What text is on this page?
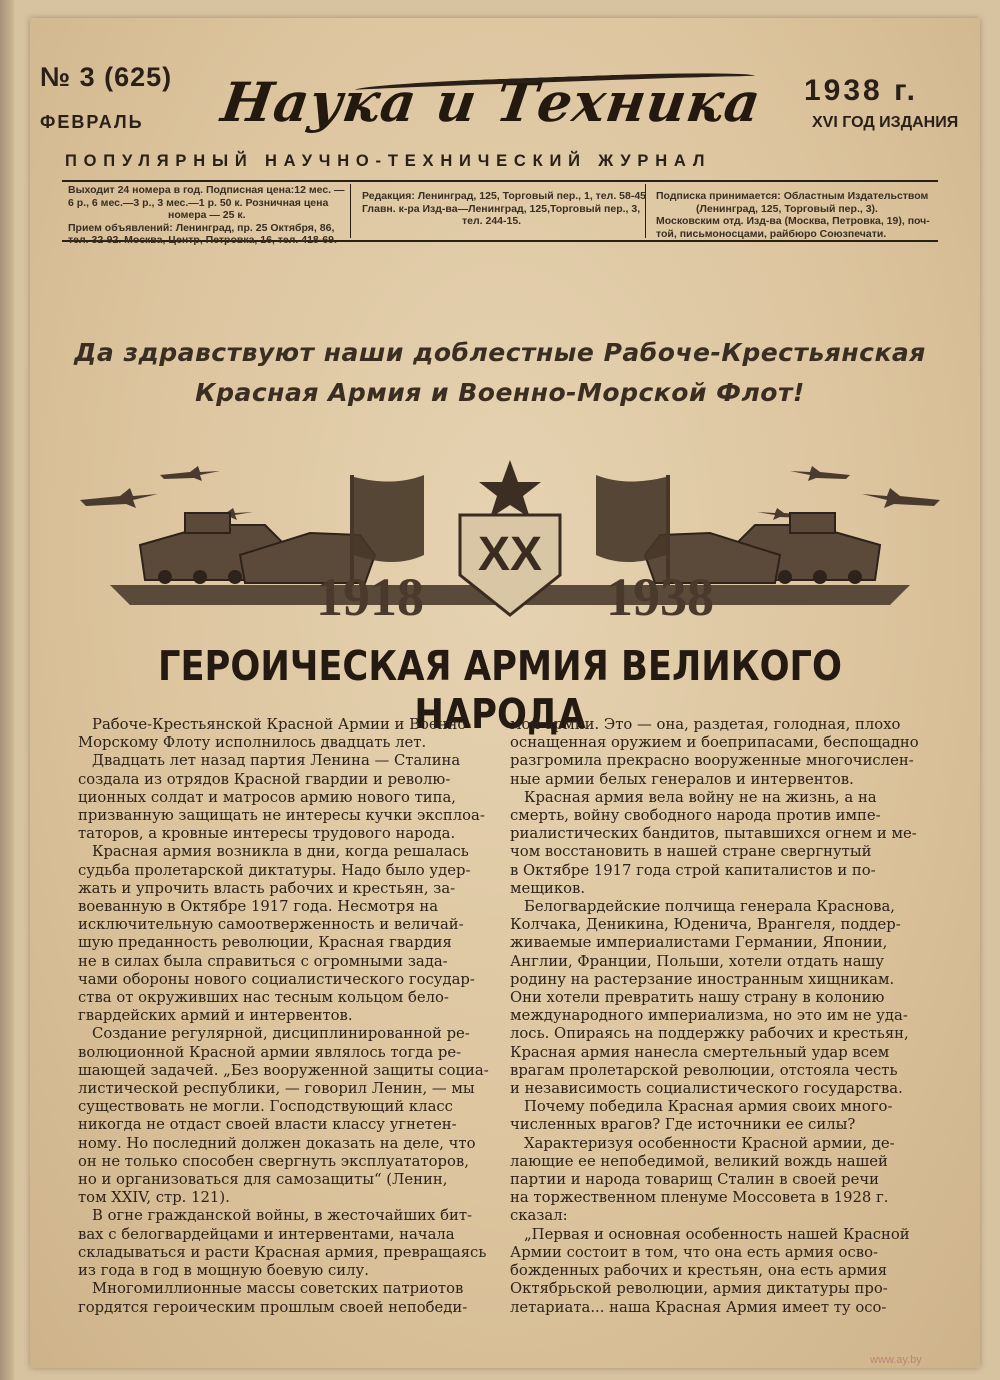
№ 3 (625)
ФЕВРАЛЬ Наука и Техника 1938 г.
XVI ГОД ИЗДАНИЯ
ПОПУЛЯРНЫЙ НАУЧНО-ТЕХНИЧЕСКИЙ ЖУРНАЛ
Выходит 24 номера в год. Подписная цена:12 мес. —
6 р., 6 мес.—3 р., 3 мес.—1 р. 50 к. Розничная цена
номера — 25 к.
Прием объявлений: Ленинград, пр. 25 Октября, 86,
тел. 32-92. Москва, Центр, Петровка, 16, тел. 418-69.
Редакция: Ленинград, 125, Торговый пер., 1, тел. 58-45
Главн. к-ра Изд-ва—Ленинград, 125,Торговый пер., 3,
тел. 244-15.
Подписка принимается: Областным Издательством
(Ленинград, 125, Торговый пер., 3).
Московским отд. Изд-ва (Москва, Петровка, 19), поч-
той, письмоносцами, райбюро Союзпечати.
Да здравствуют наши доблестные Рабоче-Крестьянская
Красная Армия и Военно-Морской Флот!
XX
1918	1938
ГЕРОИЧЕСКАЯ АРМИЯ ВЕЛИКОГО НАРОДА
Рабоче-Крестьянской Красной Армии и Военно-
Морскому Флоту исполнилось двадцать лет.
Двадцать лет назад партия Ленина — Сталина
создала из отрядов Красной гвардии и револю-
ционных солдат и матросов армию нового типа,
призванную защищать не интересы кучки эксплоа-
таторов, а кровные интересы трудового народа.
Красная армия возникла в дни, когда решалась
судьба пролетарской диктатуры. Надо было удер-
жать и упрочить власть рабочих и крестьян, за-
воеванную в Октябре 1917 года. Несмотря на
исключительную самоотверженность и величай-
шую преданность революции, Красная гвардия
не в силах была справиться с огромными зада-
чами обороны нового социалистического государ-
ства от окруживших нас тесным кольцом бело-
гвардейских армий и интервентов.
Создание регулярной, дисциплинированной ре-
волюционной Красной армии являлось тогда ре-
шающей задачей. „Без вооруженной защиты социа-
листической республики, — говорил Ленин, — мы
существовать не могли. Господствующий класс
никогда не отдаст своей власти классу угнетен-
ному. Но последний должен доказать на деле, что
он не только способен свергнуть эксплуататоров,
но и организоваться для самозащиты“ (Ленин,
том XXIV, стр. 121).
В огне гражданской войны, в жесточайших бит-
вах с белогвардейцами и интервентами, начала
складываться и расти Красная армия, превращаясь
из года в год в мощную боевую силу.
Многомиллионные массы советских патриотов
гордятся героическим прошлым своей непобеди-
мой армии. Это — она, раздетая, голодная, плохо
оснащенная оружием и боеприпасами, беспощадно
разгромила прекрасно вооруженные многочислен-
ные армии белых генералов и интервентов.
Красная армия вела войну не на жизнь, а на
смерть, войну свободного народа против импе-
риалистических бандитов, пытавшихся огнем и ме-
чом восстановить в нашей стране свергнутый
в Октябре 1917 года строй капиталистов и по-
мещиков.
Белогвардейские полчища генерала Краснова,
Колчака, Деникина, Юденича, Врангеля, поддер-
живаемые империалистами Германии, Японии,
Англии, Франции, Польши, хотели отдать нашу
родину на растерзание иностранным хищникам.
Они хотели превратить нашу страну в колонию
международного империализма, но это им не уда-
лось. Опираясь на поддержку рабочих и крестьян,
Красная армия нанесла смертельный удар всем
врагам пролетарской революции, отстояла честь
и независимость социалистического государства.
Почему победила Красная армия своих много-
численных врагов? Где источники ее силы?
Характеризуя особенности Красной армии, де-
лающие ее непобедимой, великий вождь нашей
партии и народа товарищ Сталин в своей речи
на торжественном пленуме Моссовета в 1928 г.
сказал:
„Первая и основная особенность нашей Красной
Армии состоит в том, что она есть армия осво-
божденных рабочих и крестьян, она есть армия
Октябрьской революции, армия диктатуры про-
летариата... наша Красная Армия имеет ту осо-
www.ay.by
